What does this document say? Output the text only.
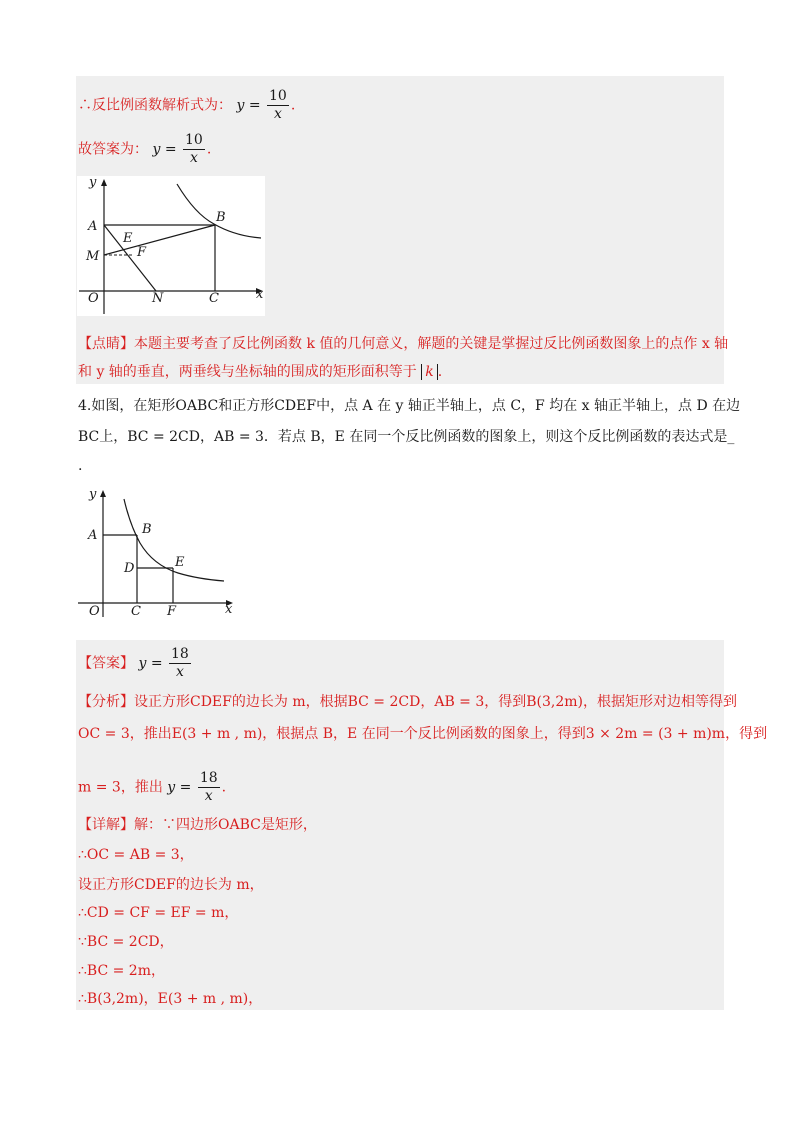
∴反比例函数解析式为： $y = \frac{10}{x}$ .
故答案为： $y = \frac{10}{x}$ .
y
x
A
B
E
M	F
O	N	C
【点睛】本题主要考查了反比例函数 k 值的几何意义，解题的关键是掌握过反比例函数图象上的点作 x 轴
和 y 轴的垂直，两垂线与坐标轴的围成的矩形面积等于 k .
4.如图，在矩形OABC和正方形CDEF中，点 A 在 y 轴正半轴上，点 C，F 均在 x 轴正半轴上，点 D 在边
BC上，BC = 2CD，AB = 3．若点 B，E 在同一个反比例函数的图象上，则这个反比例函数的表达式是_
.
y
x
A	B
D	E
O C F
【答案】 $y = \frac{18}{x}$
【分析】设正方形CDEF的边长为 m，根据BC = 2CD，AB = 3，得到B(3,2m)，根据矩形对边相等得到
OC = 3，推出E(3 + m , m)，根据点 B，E 在同一个反比例函数的图象上，得到3 × 2m = (3 + m)m，得到
m = 3，推出 $y = \frac{18}{x}$ .
【详解】解：∵四边形OABC是矩形，
∴OC = AB = 3，
设正方形CDEF的边长为 m，
∴CD = CF = EF = m，
∵BC = 2CD，
∴BC = 2m，
∴B(3,2m)，E(3 + m , m)，
